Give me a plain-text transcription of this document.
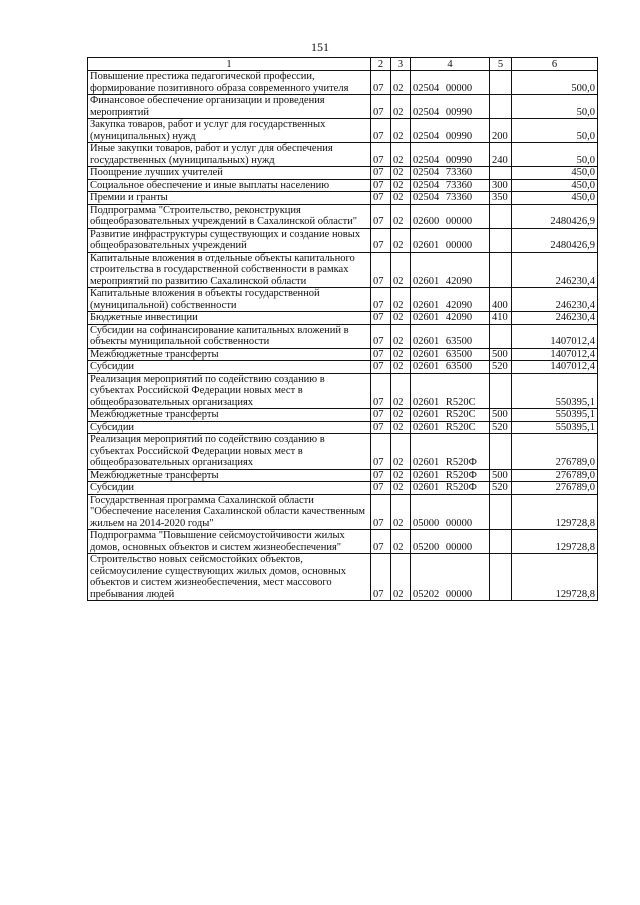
151
1	2	3	4	5	6
Повышение престижа педагогической профессии, формирование позитивного образа современного учителя	07	02	02504 00000		500,0
Финансовое обеспечение организации и проведения мероприятий	07	02	02504 00990		50,0
Закупка товаров, работ и услуг для государственных (муниципальных) нужд	07	02	02504 00990	200	50,0
Иные закупки товаров, работ и услуг для обеспечения государственных (муниципальных) нужд	07	02	02504 00990	240	50,0
Поощрение лучших учителей	07	02	02504 73360		450,0
Социальное обеспечение и иные выплаты населению	07	02	02504 73360	300	450,0
Премии и гранты	07	02	02504 73360	350	450,0
Подпрограмма "Строительство, реконструкция общеобразовательных учреждений в Сахалинской области"	07	02	02600 00000		2480426,9
Развитие инфраструктуры существующих и создание новых общеобразовательных учреждений	07	02	02601 00000		2480426,9
Капитальные вложения в отдельные объекты капитального строительства в государственной собственности в рамках мероприятий по развитию Сахалинской области	07	02	02601 42090		246230,4
Капитальные вложения в объекты государственной (муниципальной) собственности	07	02	02601 42090	400	246230,4
Бюджетные инвестиции	07	02	02601 42090	410	246230,4
Субсидии на софинансирование капитальных вложений в объекты муниципальной собственности	07	02	02601 63500		1407012,4
Межбюджетные трансферты	07	02	02601 63500	500	1407012,4
Субсидии	07	02	02601 63500	520	1407012,4
Реализация мероприятий по содействию созданию в субъектах Российской Федерации новых мест в общеобразовательных организациях	07	02	02601 R520C		550395,1
Межбюджетные трансферты	07	02	02601 R520C	500	550395,1
Субсидии	07	02	02601 R520C	520	550395,1
Реализация мероприятий по содействию созданию в субъектах Российской Федерации новых мест в общеобразовательных организациях	07	02	02601 R520Ф		276789,0
Межбюджетные трансферты	07	02	02601 R520Ф	500	276789,0
Субсидии	07	02	02601 R520Ф	520	276789,0
Государственная программа Сахалинской области "Обеспечение населения Сахалинской области качественным жильем на 2014-2020 годы"	07	02	05000 00000		129728,8
Подпрограмма "Повышение сейсмоустойчивости жилых домов, основных объектов и систем жизнеобеспечения"	07	02	05200 00000		129728,8
Строительство новых сейсмостойких объектов, сейсмоусиление существующих жилых домов, основных объектов и систем жизнеобеспечения, мест массового пребывания людей	07	02	05202 00000		129728,8
